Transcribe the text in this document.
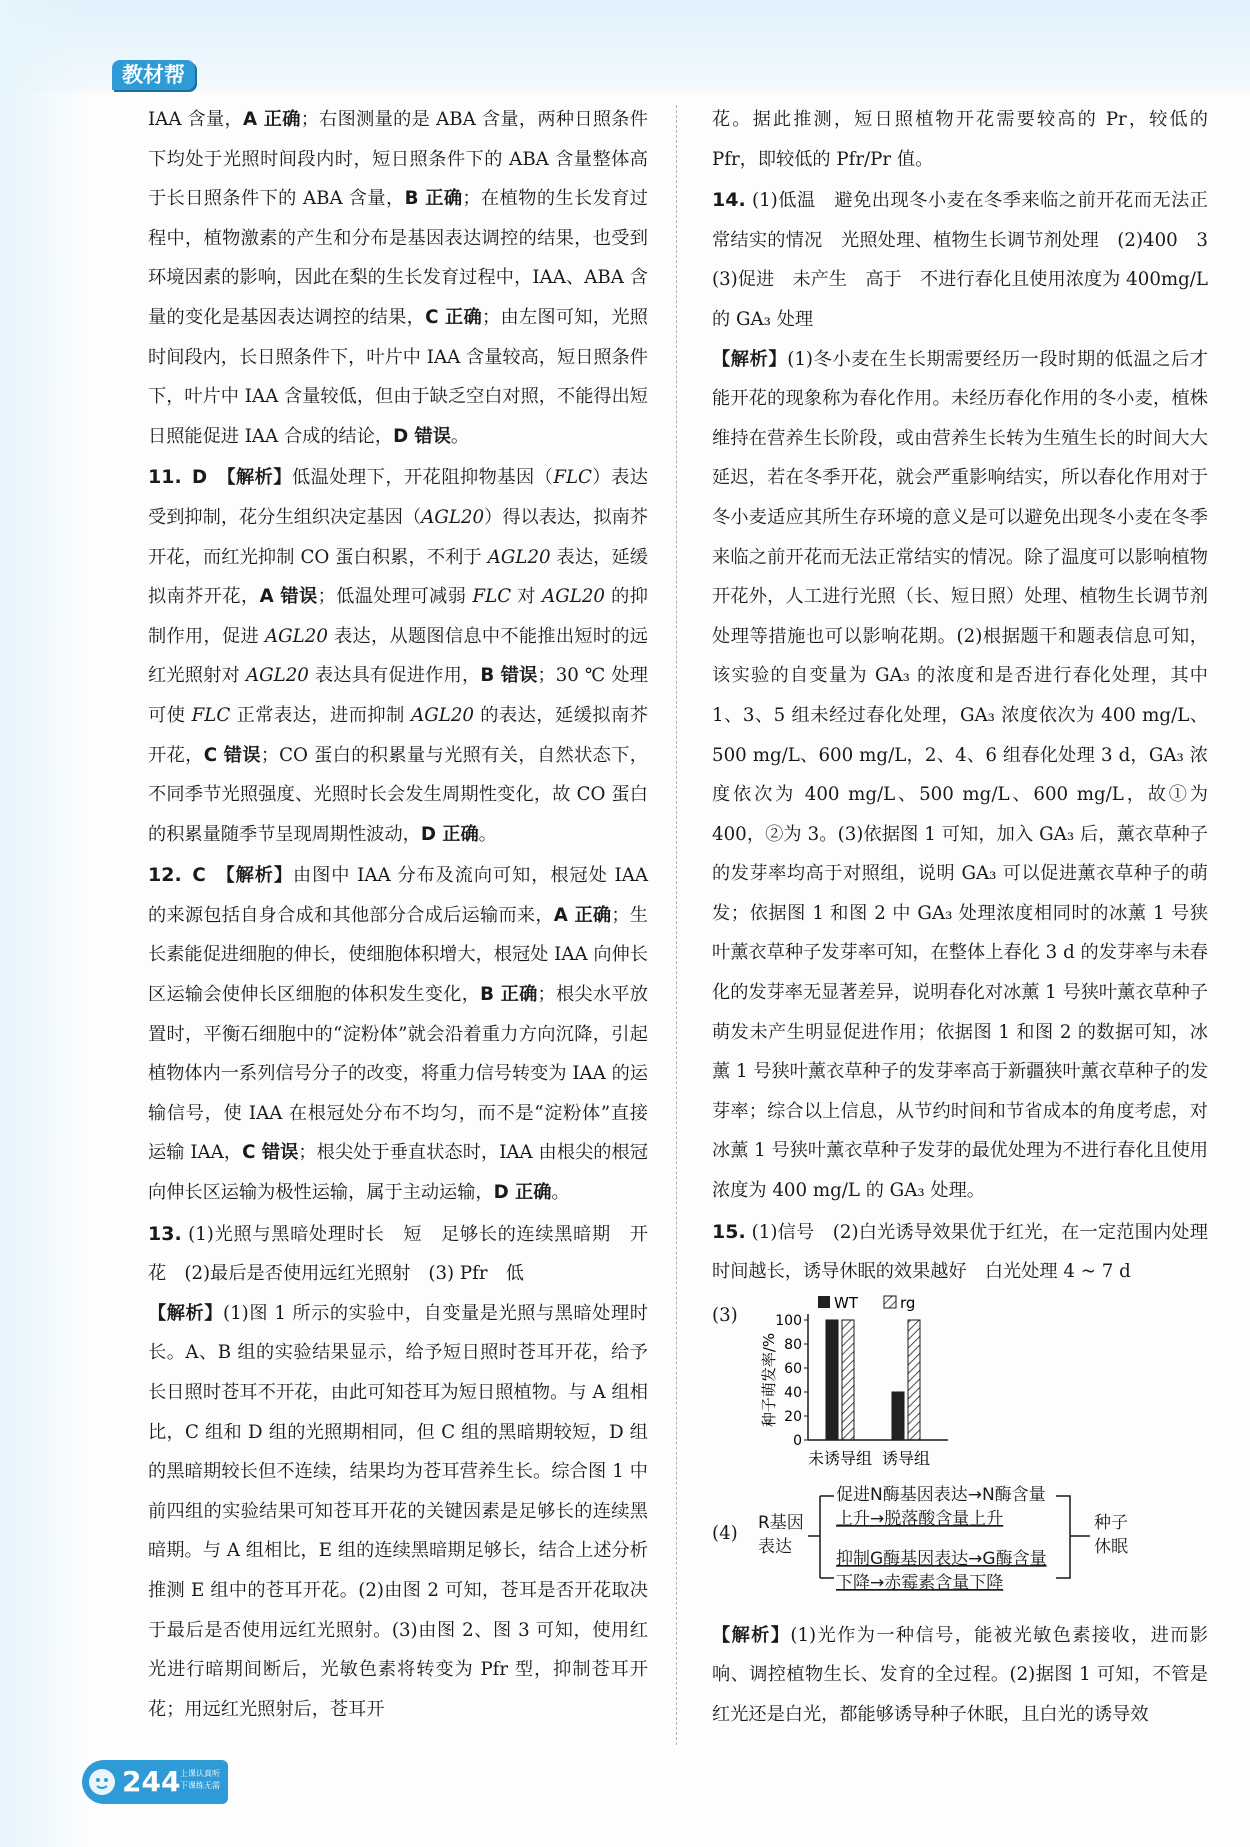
教材帮

IAA 含量，A 正确；右图测量的是 ABA 含量，两种日照条件下均处于光照时间段内时，短日照条件下的 ABA 含量整体高于长日照条件下的 ABA 含量，B 正确；在植物的生长发育过程中，植物激素的产生和分布是基因表达调控的结果，也受到环境因素的影响，因此在梨的生长发育过程中，IAA、ABA 含量的变化是基因表达调控的结果，C 正确；由左图可知，光照时间段内，长日照条件下，叶片中 IAA 含量较高，短日照条件下，叶片中 IAA 含量较低，但由于缺乏空白对照，不能得出短日照能促进 IAA 合成的结论，D 错误。

11. D 【解析】低温处理下，开花阻抑物基因（FLC）表达受到抑制，花分生组织决定基因（AGL20）得以表达，拟南芥开花，而红光抑制 CO 蛋白积累，不利于 AGL20 表达，延缓拟南芥开花，A 错误；低温处理可减弱 FLC 对 AGL20 的抑制作用，促进 AGL20 表达，从题图信息中不能推出短时的远红光照射对 AGL20 表达具有促进作用，B 错误；30 ℃ 处理可使 FLC 正常表达，进而抑制 AGL20 的表达，延缓拟南芥开花，C 错误；CO 蛋白的积累量与光照有关，自然状态下，不同季节光照强度、光照时长会发生周期性变化，故 CO 蛋白的积累量随季节呈现周期性波动，D 正确。

12. C 【解析】由图中 IAA 分布及流向可知，根冠处 IAA 的来源包括自身合成和其他部分合成后运输而来，A 正确；生长素能促进细胞的伸长，使细胞体积增大，根冠处 IAA 向伸长区运输会使伸长区细胞的体积发生变化，B 正确；根尖水平放置时，平衡石细胞中的“淀粉体”就会沿着重力方向沉降，引起植物体内一系列信号分子的改变，将重力信号转变为 IAA 的运输信号，使 IAA 在根冠处分布不均匀，而不是“淀粉体”直接运输 IAA，C 错误；根尖处于垂直状态时，IAA 由根尖的根冠向伸长区运输为极性运输，属于主动运输，D 正确。

13. (1)光照与黑暗处理时长　短　足够长的连续黑暗期　开花　(2)最后是否使用远红光照射　(3) Pfr　低

【解析】(1)图 1 所示的实验中，自变量是光照与黑暗处理时长。A、B 组的实验结果显示，给予短日照时苍耳开花，给予长日照时苍耳不开花，由此可知苍耳为短日照植物。与 A 组相比，C 组和 D 组的光照期相同，但 C 组的黑暗期较短，D 组的黑暗期较长但不连续，结果均为苍耳营养生长。综合图 1 中前四组的实验结果可知苍耳开花的关键因素是足够长的连续黑暗期。与 A 组相比，E 组的连续黑暗期足够长，结合上述分析推测 E 组中的苍耳开花。(2)由图 2 可知，苍耳是否开花取决于最后是否使用远红光照射。(3)由图 2、图 3 可知，使用红光进行暗期间断后，光敏色素将转变为 Pfr 型，抑制苍耳开花；用远红光照射后，苍耳开

花。据此推测，短日照植物开花需要较高的 Pr，较低的 Pfr，即较低的 Pfr/Pr 值。

14. (1)低温　避免出现冬小麦在冬季来临之前开花而无法正常结实的情况　光照处理、植物生长调节剂处理　(2)400　3　(3)促进　未产生　高于　不进行春化且使用浓度为 400mg/L 的 GA₃ 处理

【解析】(1)冬小麦在生长期需要经历一段时期的低温之后才能开花的现象称为春化作用。未经历春化作用的冬小麦，植株维持在营养生长阶段，或由营养生长转为生殖生长的时间大大延迟，若在冬季开花，就会严重影响结实，所以春化作用对于冬小麦适应其所生存环境的意义是可以避免出现冬小麦在冬季来临之前开花而无法正常结实的情况。除了温度可以影响植物开花外，人工进行光照（长、短日照）处理、植物生长调节剂处理等措施也可以影响花期。(2)根据题干和题表信息可知，该实验的自变量为 GA₃ 的浓度和是否进行春化处理，其中 1、3、5 组未经过春化处理，GA₃ 浓度依次为 400 mg/L、500 mg/L、600 mg/L，2、4、6 组春化处理 3 d，GA₃ 浓度依次为 400 mg/L、500 mg/L、600 mg/L，故①为 400，②为 3。(3)依据图 1 可知，加入 GA₃ 后，薰衣草种子的发芽率均高于对照组，说明 GA₃ 可以促进薰衣草种子的萌发；依据图 1 和图 2 中 GA₃ 处理浓度相同时的冰薰 1 号狭叶薰衣草种子发芽率可知，在整体上春化 3 d 的发芽率与未春化的发芽率无显著差异，说明春化对冰薰 1 号狭叶薰衣草种子萌发未产生明显促进作用；依据图 1 和图 2 的数据可知，冰薰 1 号狭叶薰衣草种子的发芽率高于新疆狭叶薰衣草种子的发芽率；综合以上信息，从节约时间和节省成本的角度考虑，对冰薰 1 号狭叶薰衣草种子发芽的最优处理为不进行春化且使用浓度为 400 mg/L 的 GA₃ 处理。

15. (1)信号　(2)白光诱导效果优于红光，在一定范围内处理时间越长，诱导休眠的效果越好　白光处理 4 ~ 7 d

(3)
0
20
40
60
80
100
种子萌发率/%
未诱导组 诱导组
WT	rg
(4) R基因
表达
促进N酶基因表达→N酶含量
上升→脱落酸含量上升
抑制G酶基因表达→G酶含量
下降→赤霉素含量下降
种子
休眠

【解析】(1)光作为一种信号，能被光敏色素接收，进而影响、调控植物生长、发育的全过程。(2)据图 1 可知，不管是红光还是白光，都能够诱导种子休眠，且白光的诱导效

244 上课认真听
下课练无需
